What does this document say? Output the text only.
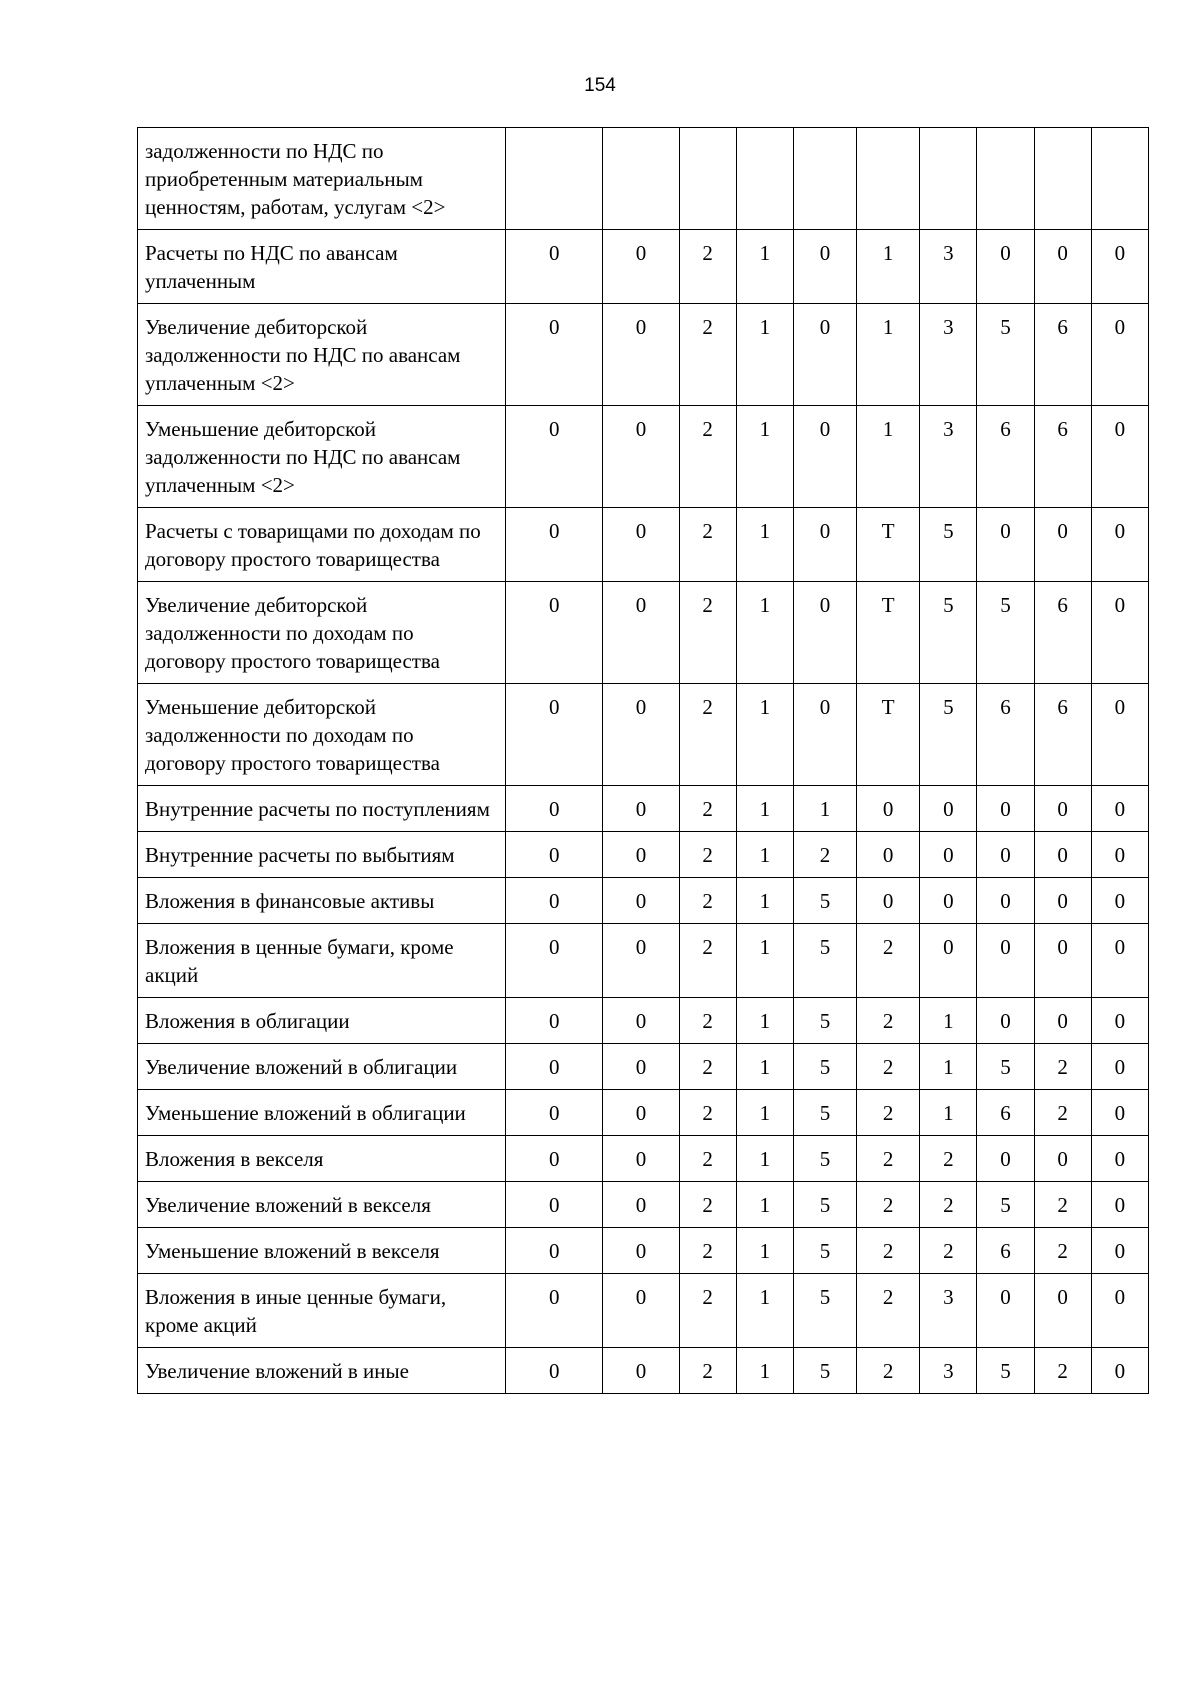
154
задолженности по НДС по приобретенным материальным ценностям, работам, услугам <2>										
Расчеты по НДС по авансам уплаченным	0	0	2	1	0	1	3	0	0	0
Увеличение дебиторской задолженности по НДС по авансам уплаченным <2>	0	0	2	1	0	1	3	5	6	0
Уменьшение дебиторской задолженности по НДС по авансам уплаченным <2>	0	0	2	1	0	1	3	6	6	0
Расчеты с товарищами по доходам по договору простого товарищества	0	0	2	1	0	Т	5	0	0	0
Увеличение дебиторской задолженности по доходам по договору простого товарищества	0	0	2	1	0	Т	5	5	6	0
Уменьшение дебиторской задолженности по доходам по договору простого товарищества	0	0	2	1	0	Т	5	6	6	0
Внутренние расчеты по поступлениям	0	0	2	1	1	0	0	0	0	0
Внутренние расчеты по выбытиям	0	0	2	1	2	0	0	0	0	0
Вложения в финансовые активы	0	0	2	1	5	0	0	0	0	0
Вложения в ценные бумаги, кроме акций	0	0	2	1	5	2	0	0	0	0
Вложения в облигации	0	0	2	1	5	2	1	0	0	0
Увеличение вложений в облигации	0	0	2	1	5	2	1	5	2	0
Уменьшение вложений в облигации	0	0	2	1	5	2	1	6	2	0
Вложения в векселя	0	0	2	1	5	2	2	0	0	0
Увеличение вложений в векселя	0	0	2	1	5	2	2	5	2	0
Уменьшение вложений в векселя	0	0	2	1	5	2	2	6	2	0
Вложения в иные ценные бумаги, кроме акций	0	0	2	1	5	2	3	0	0	0
Увеличение вложений в иные	0	0	2	1	5	2	3	5	2	0
